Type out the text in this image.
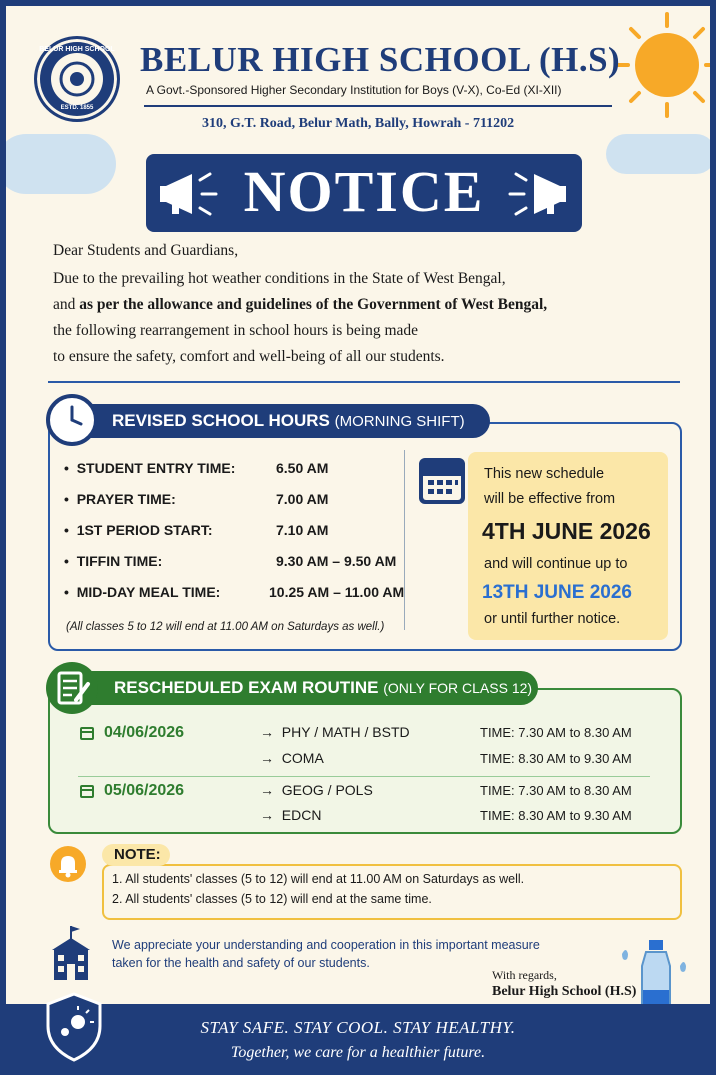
BELUR HIGH SCHOOL
ESTD. 1855
BELUR HIGH SCHOOL (H.S)
A Govt.-Sponsored Higher Secondary Institution for Boys (V-X), Co-Ed (XI-XII)
310, G.T. Road, Belur Math, Bally, Howrah - 711202
NOTICE
Dear Students and Guardians,
Due to the prevailing hot weather conditions in the State of West Bengal,
and as per the allowance and guidelines of the Government of West Bengal,
the following rearrangement in school hours is being made
to ensure the safety, comfort and well-being of all our students.
REVISED SCHOOL HOURS (MORNING SHIFT)
•  STUDENT ENTRY TIME:	6.50 AM
•  PRAYER TIME:	7.00 AM
•  1ST PERIOD START:	7.10 AM
•  TIFFIN TIME:	9.30 AM – 9.50 AM
•  MID-DAY MEAL TIME:	10.25 AM – 11.00 AM
(All classes 5 to 12 will end at 11.00 AM on Saturdays as well.)
This new schedule
will be effective from
4TH JUNE 2026
and will continue up to
13TH JUNE 2026
or until further notice.
RESCHEDULED EXAM ROUTINE (ONLY FOR CLASS 12)
04/06/2026	→  PHY / MATH / BSTD	TIME: 7.30 AM to 8.30 AM
→  COMA	TIME: 8.30 AM to 9.30 AM
05/06/2026	→  GEOG / POLS	TIME: 7.30 AM to 8.30 AM
→  EDCN	TIME: 8.30 AM to 9.30 AM
NOTE:
1. All students' classes (5 to 12) will end at 11.00 AM on Saturdays as well.
2. All students' classes (5 to 12) will end at the same time.
We appreciate your understanding and cooperation in this important measure
taken for the health and safety of our students.
With regards,
Belur High School (H.S)
STAY SAFE. STAY COOL. STAY HEALTHY.
Together, we care for a healthier future.
